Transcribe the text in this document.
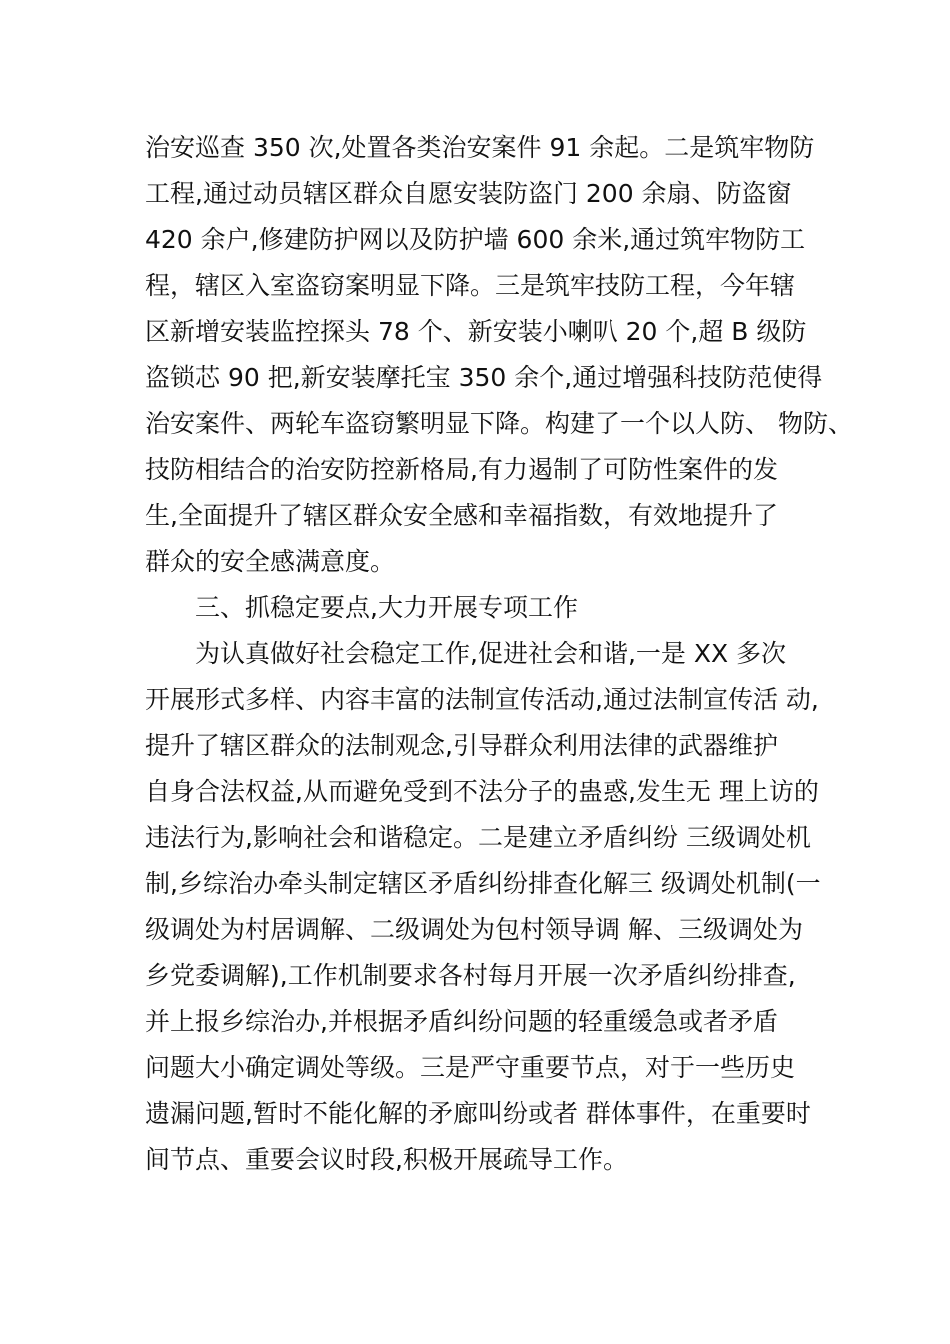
治安巡查 350 次,处置各类治安案件 91 余起。二是筑牢物防
工程,通过动员辖区群众自愿安装防盗门 200 余扇、防盗窗
420 余户,修建防护网以及防护墙 600 余米,通过筑牢物防工
程，辖区入室盗窃案明显下降。三是筑牢技防工程，今年辖
区新增安装监控探头 78 个、新安装小喇叭 20 个,超 B 级防
盗锁芯 90 把,新安装摩托宝 350 余个,通过增强科技防范使得
治安案件、两轮车盗窃繁明显下降。构建了一个以人防、 物防、
技防相结合的治安防控新格局,有力遏制了可防性案件的发
生,全面提升了辖区群众安全感和幸福指数，有效地提升了
群众的安全感满意度。
三、抓稳定要点,大力开展专项工作
为认真做好社会稳定工作,促进社会和谐,一是 XX 多次
开展形式多样、内容丰富的法制宣传活动,通过法制宣传活 动,
提升了辖区群众的法制观念,引导群众利用法律的武器维护
自身合法权益,从而避免受到不法分子的蛊惑,发生无 理上访的
违法行为,影响社会和谐稳定。二是建立矛盾纠纷 三级调处机
制,乡综治办牵头制定辖区矛盾纠纷排查化解三 级调处机制(一
级调处为村居调解、二级调处为包村领导调 解、三级调处为
乡党委调解),工作机制要求各村每月开展一次矛盾纠纷排查,
并上报乡综治办,并根据矛盾纠纷问题的轻重缓急或者矛盾
问题大小确定调处等级。三是严守重要节点，对于一些历史
遗漏问题,暂时不能化解的矛廊叫纷或者 群体事件，在重要时
间节点、重要会议时段,积极开展疏导工作。
